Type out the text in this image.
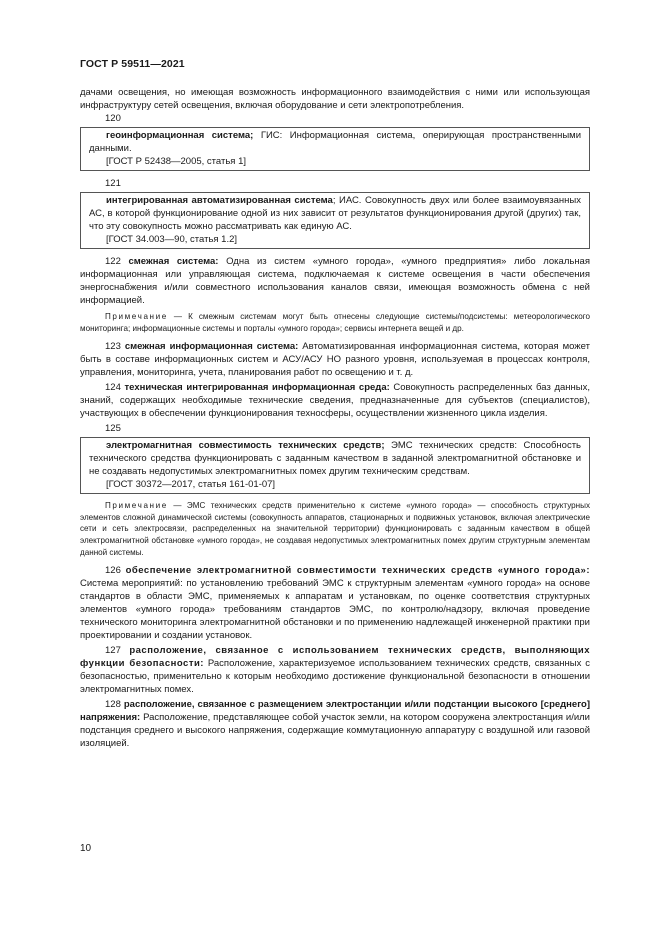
ГОСТ Р 59511—2021

дачами освещения, но имеющая возможность информационного взаимодействия с ними или использующая инфраструктуру сетей освещения, включая оборудование и сети электропотребления.

120

геоинформационная система; ГИС: Информационная система, оперирующая пространственными данными.

[ГОСТ Р 52438—2005, статья 1]

121

интегрированная автоматизированная система; ИАС. Совокупность двух или более взаимоувязанных АС, в которой функционирование одной из них зависит от результатов функционирования другой (других) так, что эту совокупность можно рассматривать как единую АС.

[ГОСТ 34.003—90, статья 1.2]

122 смежная система: Одна из систем «умного города», «умного предприятия» либо локальная информационная или управляющая система, подключаемая к системе освещения в части обеспечения энергоснабжения и/или совместного использования каналов связи, имеющая возможность обмена с ней информацией.

Примечание — К смежным системам могут быть отнесены следующие системы/подсистемы: метеорологического мониторинга; информационные системы и порталы «умного города»; сервисы интернета вещей и др.

123 смежная информационная система: Автоматизированная информационная система, которая может быть в составе информационных систем и АСУ/АСУ НО разного уровня, используемая в процессах контроля, управления, мониторинга, учета, планирования работ по освещению и т. д.

124 техническая интегрированная информационная среда: Совокупность распределенных баз данных, знаний, содержащих необходимые технические сведения, предназначенные для субъектов (специалистов), участвующих в обеспечении функционирования техносферы, осуществлении жизненного цикла изделия.

125

электромагнитная совместимость технических средств; ЭМС технических средств: Способность технического средства функционировать с заданным качеством в заданной электромагнитной обстановке и не создавать недопустимых электромагнитных помех другим техническим средствам.

[ГОСТ 30372—2017, статья 161-01-07]

Примечание — ЭМС технических средств применительно к системе «умного города» — способность структурных элементов сложной динамической системы (совокупность аппаратов, стационарных и подвижных установок, включая электрические сети и сеть электросвязи, распределенных на значительной территории) функционировать с заданным качеством в общей электромагнитной обстановке «умного города», не создавая недопустимых электромагнитных помех другим структурным элементам данной системы.

126 обеспечение электромагнитной совместимости технических средств «умного города»: Система мероприятий: по установлению требований ЭМС к структурным элементам «умного города» на основе стандартов в области ЭМС, применяемых к аппаратам и установкам, по оценке соответствия структурных элементов «умного города» требованиям стандартов ЭМС, по контролю/надзору, включая проведение технического мониторинга электромагнитной обстановки и по применению надлежащей инженерной практики при проектировании и создании установок.

127 расположение, связанное с использованием технических средств, выполняющих функции безопасности: Расположение, характеризуемое использованием технических средств, связанных с безопасностью, применительно к которым необходимо достижение функциональной безопасности в отношении электромагнитных помех.

128 расположение, связанное с размещением электростанции и/или подстанции высокого [среднего] напряжения: Расположение, представляющее собой участок земли, на котором сооружена электростанция и/или подстанция среднего и высокого напряжения, содержащие коммутационную аппаратуру с воздушной или газовой изоляцией.

10
